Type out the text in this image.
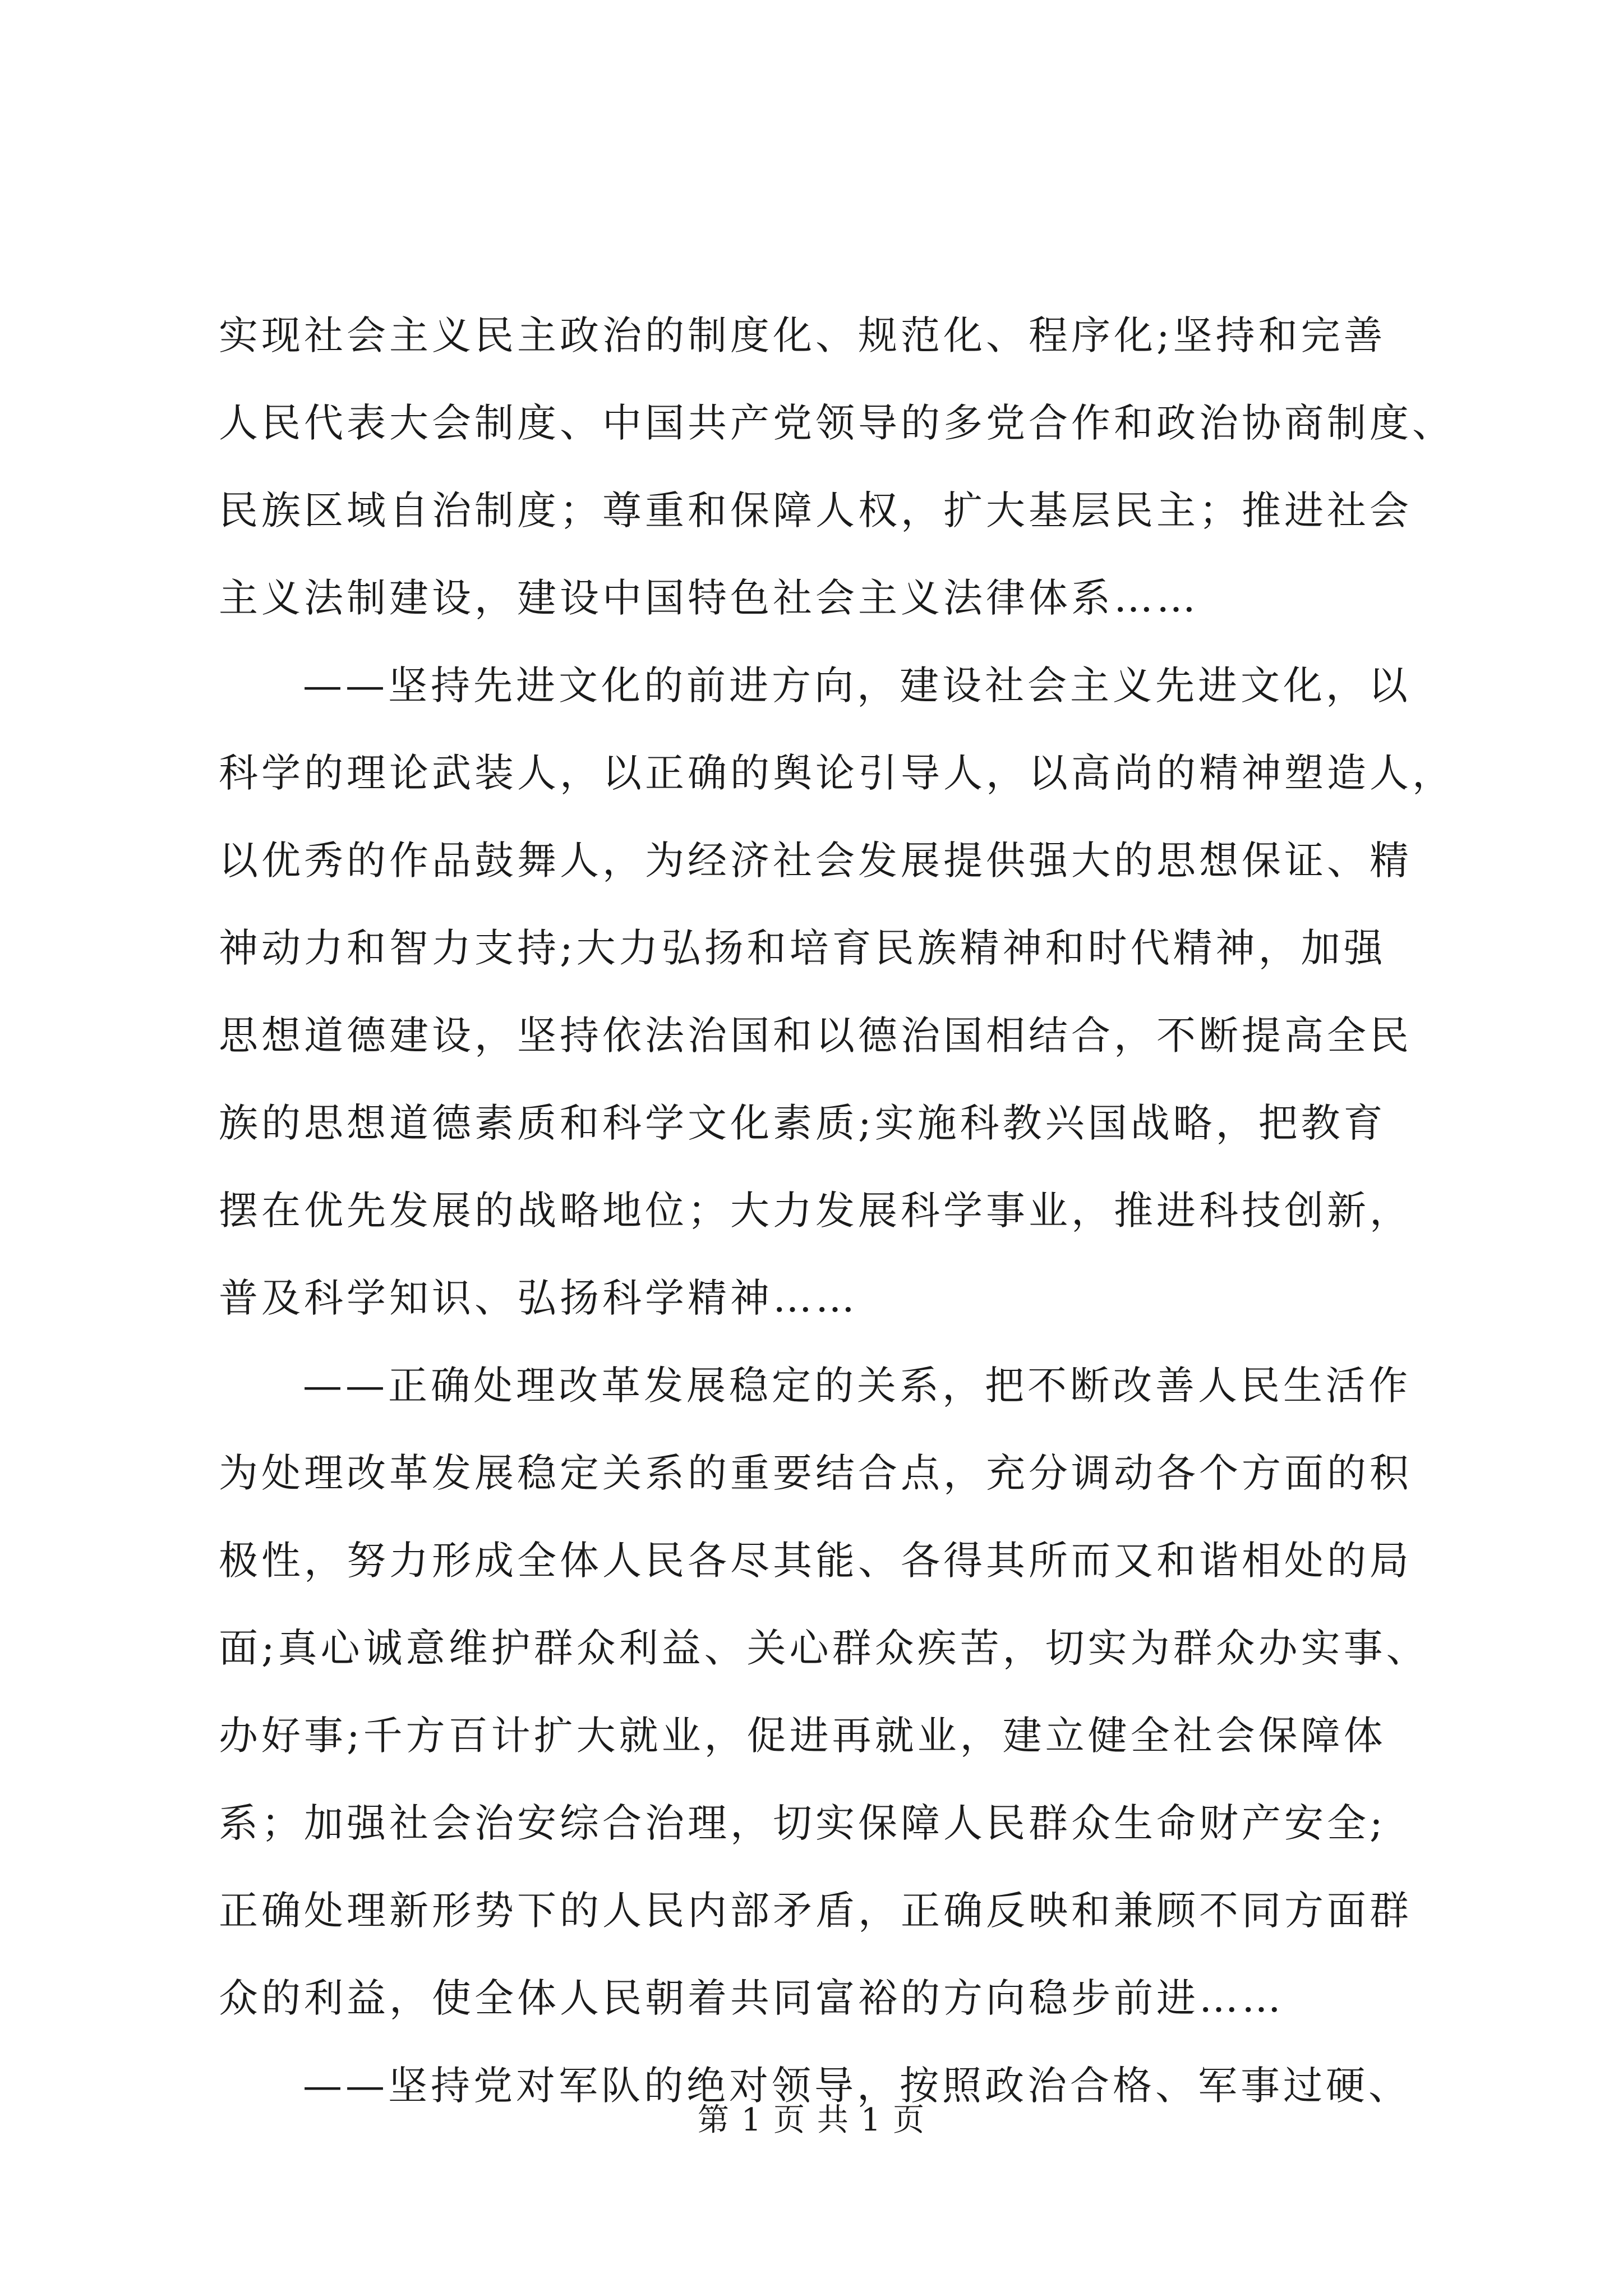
实现社会主义民主政治的制度化、规范化、程序化;坚持和完善
人民代表大会制度、中国共产党领导的多党合作和政治协商制度、
民族区域自治制度；尊重和保障人权，扩大基层民主；推进社会
主义法制建设，建设中国特色社会主义法律体系……
——坚持先进文化的前进方向，建设社会主义先进文化，以
科学的理论武装人，以正确的舆论引导人，以高尚的精神塑造人，
以优秀的作品鼓舞人，为经济社会发展提供强大的思想保证、精
神动力和智力支持;大力弘扬和培育民族精神和时代精神，加强
思想道德建设，坚持依法治国和以德治国相结合，不断提高全民
族的思想道德素质和科学文化素质;实施科教兴国战略，把教育
摆在优先发展的战略地位；大力发展科学事业，推进科技创新，
普及科学知识、弘扬科学精神……
——正确处理改革发展稳定的关系，把不断改善人民生活作
为处理改革发展稳定关系的重要结合点，充分调动各个方面的积
极性，努力形成全体人民各尽其能、各得其所而又和谐相处的局
面;真心诚意维护群众利益、关心群众疾苦，切实为群众办实事、
办好事;千方百计扩大就业，促进再就业，建立健全社会保障体
系；加强社会治安综合治理，切实保障人民群众生命财产安全;
正确处理新形势下的人民内部矛盾，正确反映和兼顾不同方面群
众的利益，使全体人民朝着共同富裕的方向稳步前进……
——坚持党对军队的绝对领导，按照政治合格、军事过硬、
第 1 页 共 1 页
